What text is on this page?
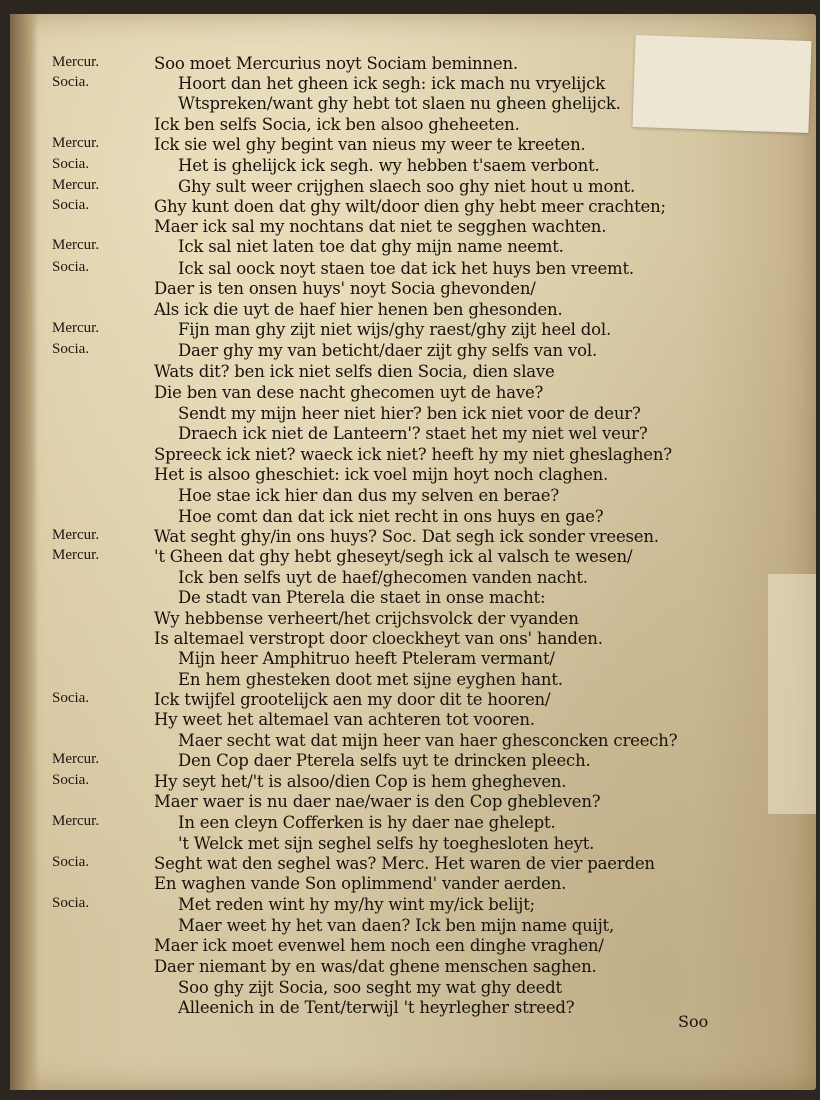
Mercur.
Socia.
Mercur.
Socia.
Mercur.
Socia.
Mercur.
Socia.
Mercur.
Socia.
Mercur.
Mercur.
Socia.
Mercur.
Socia.
Mercur.
Socia.
Socia.
Soo moet Mercurius noyt Sociam beminnen.
Hoort dan het gheen ick segh: ick mach nu vryelijck
Wtspreken/want ghy hebt tot slaen nu gheen ghelijck.
Ick ben selfs Socia, ick ben alsoo gheheeten.
Ick sie wel ghy begint van nieus my weer te kreeten.
Het is ghelijck ick segh. wy hebben t'saem verbont.
Ghy sult weer crijghen slaech soo ghy niet hout u mont.
Ghy kunt doen dat ghy wilt/door dien ghy hebt meer crachten;
Maer ick sal my nochtans dat niet te segghen wachten.
Ick sal niet laten toe dat ghy mijn name neemt.
Ick sal oock noyt staen toe dat ick het huys ben vreemt.
Daer is ten onsen huys' noyt Socia ghevonden/
Als ick die uyt de haef hier henen ben ghesonden.
Fijn man ghy zijt niet wijs/ghy raest/ghy zijt heel dol.
Daer ghy my van beticht/daer zijt ghy selfs van vol.
Wats dit? ben ick niet selfs dien Socia, dien slave
Die ben van dese nacht ghecomen uyt de have?
Sendt my mijn heer niet hier? ben ick niet voor de deur?
Draech ick niet de Lanteern'? staet het my niet wel veur?
Spreeck ick niet? waeck ick niet? heeft hy my niet gheslaghen?
Het is alsoo gheschiet: ick voel mijn hoyt noch claghen.
Hoe stae ick hier dan dus my selven en berae?
Hoe comt dan dat ick niet recht in ons huys en gae?
Wat seght ghy/in ons huys? Soc. Dat segh ick sonder vreesen.
't Gheen dat ghy hebt gheseyt/segh ick al valsch te wesen/
Ick ben selfs uyt de haef/ghecomen vanden nacht.
De stadt van Pterela die staet in onse macht:
Wy hebbense verheert/het crijchsvolck der vyanden
Is altemael verstropt door cloeckheyt van ons' handen.
Mijn heer Amphitruo heeft Pteleram vermant/
En hem ghesteken doot met sijne eyghen hant.
Ick twijfel grootelijck aen my door dit te hooren/
Hy weet het altemael van achteren tot vooren.
Maer secht wat dat mijn heer van haer ghesconcken creech?
Den Cop daer Pterela selfs uyt te drincken pleech.
Hy seyt het/'t is alsoo/dien Cop is hem ghegheven.
Maer waer is nu daer nae/waer is den Cop ghebleven?
In een cleyn Cofferken is hy daer nae ghelept.
't Welck met sijn seghel selfs hy toeghesloten heyt.
Seght wat den seghel was? Merc. Het waren de vier paerden
En waghen vande Son oplimmend' vander aerden.
Met reden wint hy my/hy wint my/ick belijt;
Maer weet hy het van daen? Ick ben mijn name quijt,
Maer ick moet evenwel hem noch een dinghe vraghen/
Daer niemant by en was/dat ghene menschen saghen.
Soo ghy zijt Socia, soo seght my wat ghy deedt
Alleenich in de Tent/terwijl 't heyrlegher streed?
Soo
